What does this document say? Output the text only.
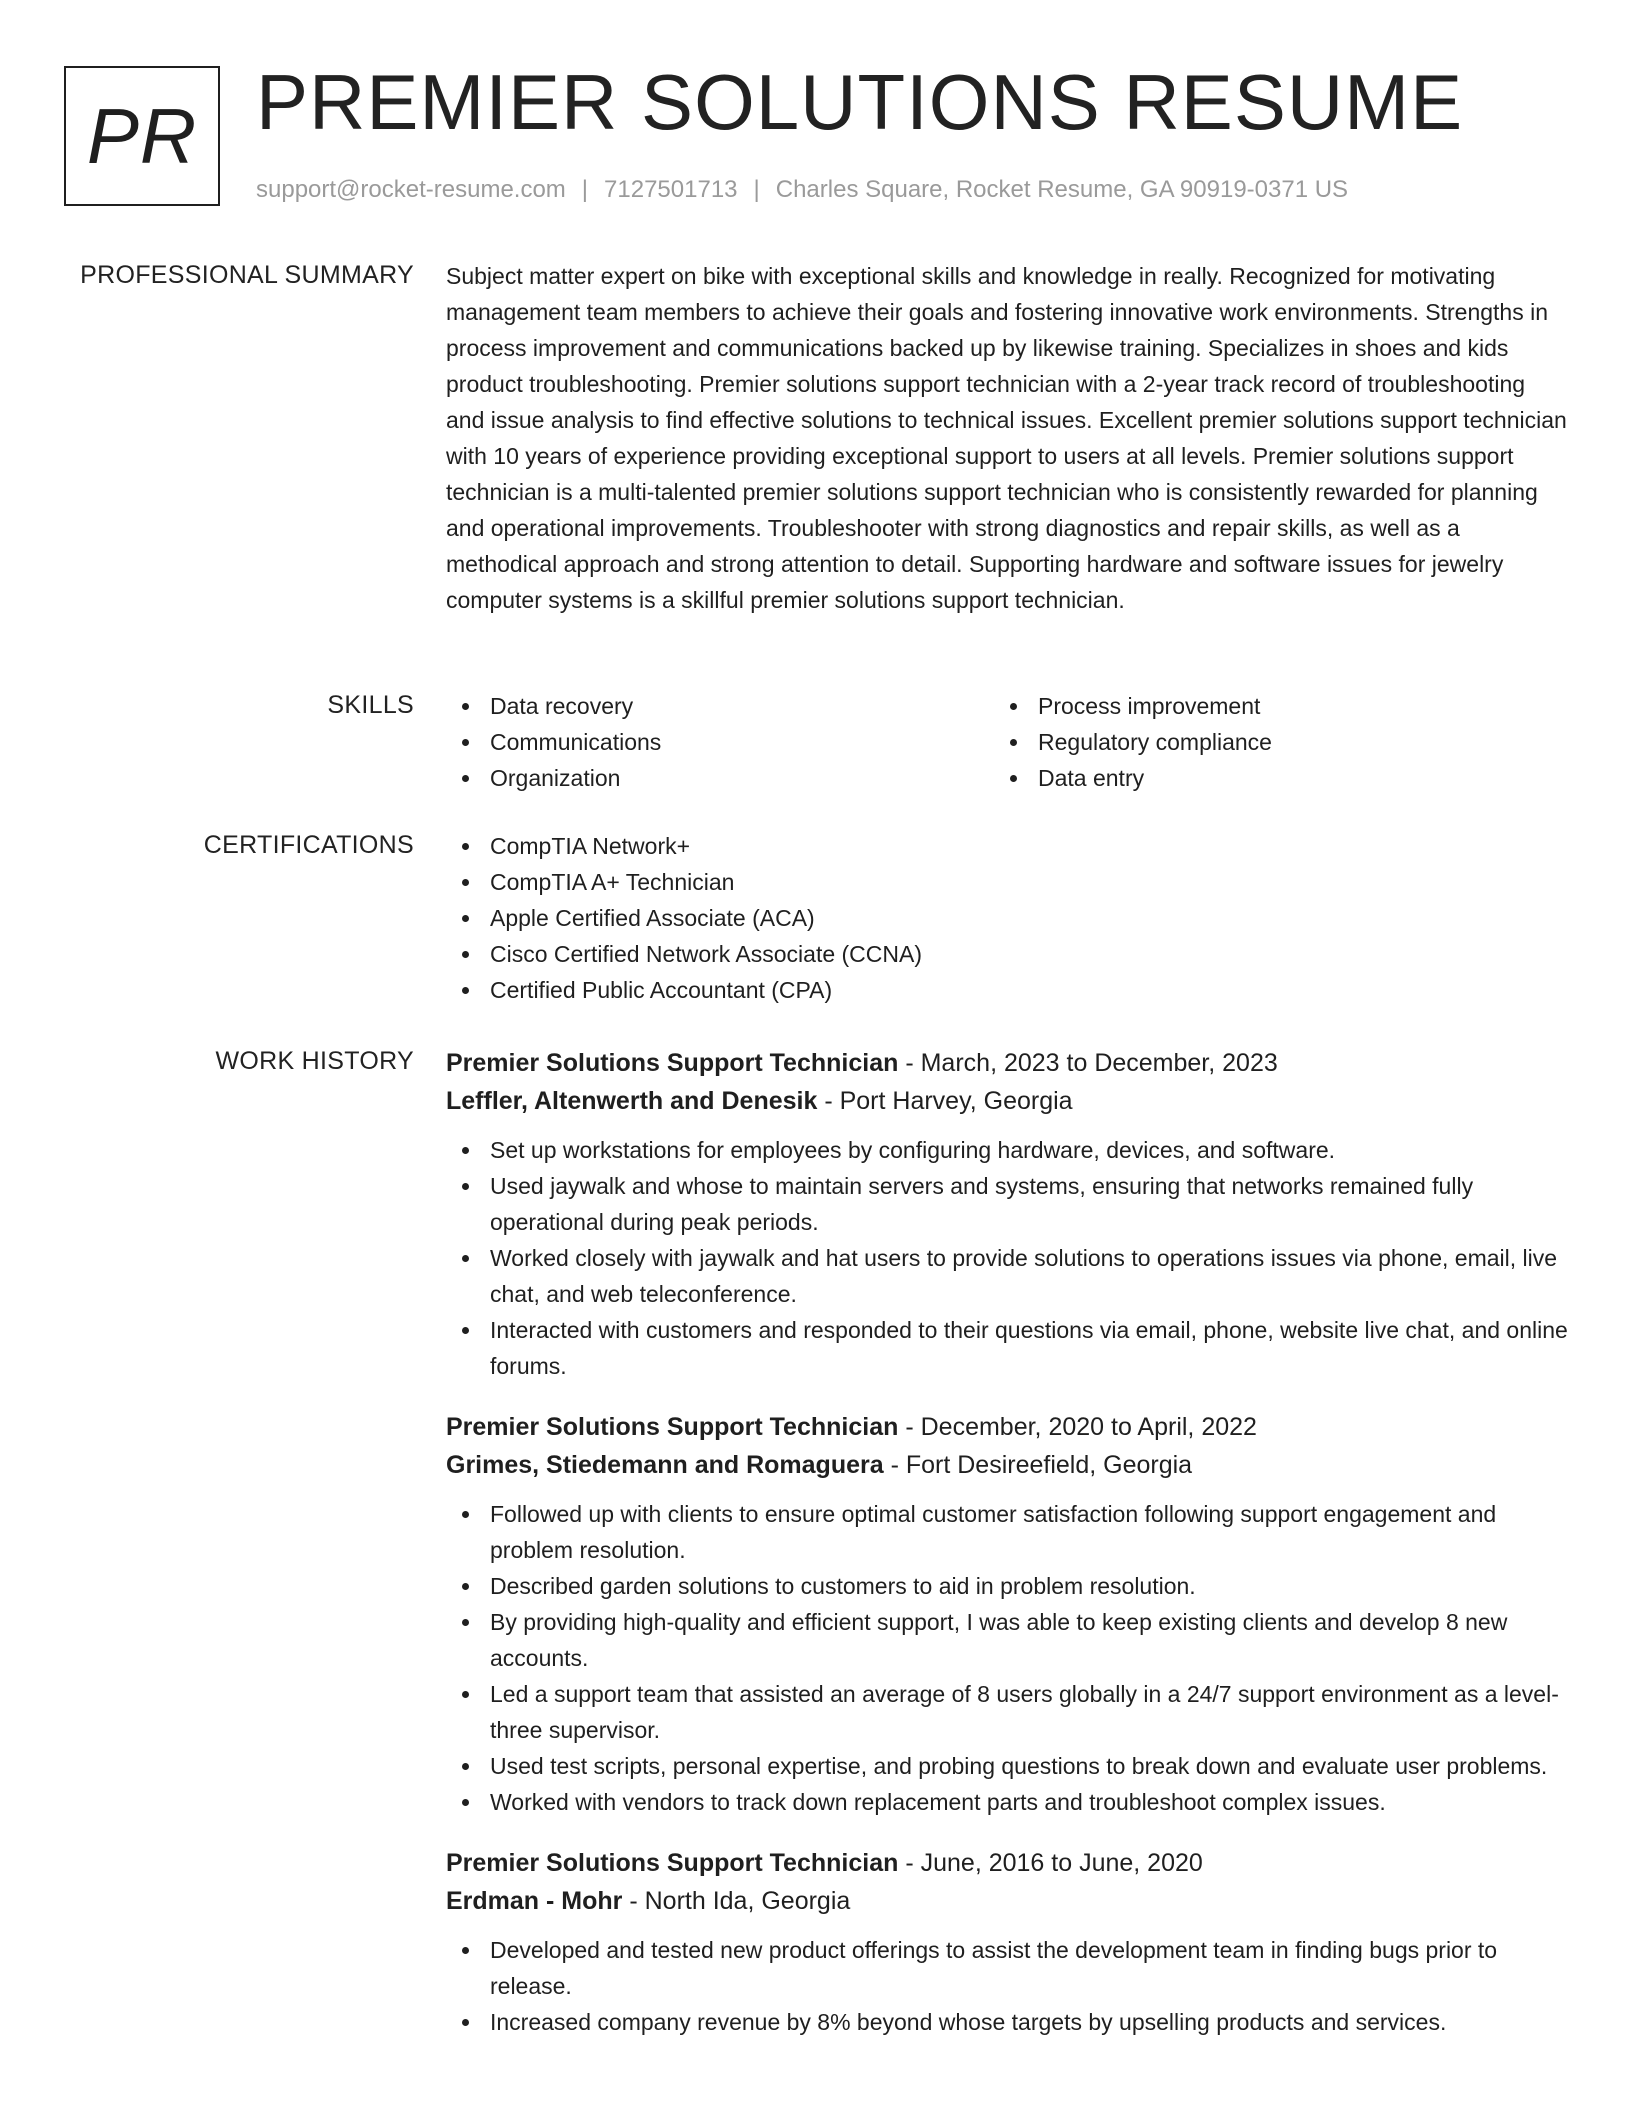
PR PREMIER SOLUTIONS RESUME
support@rocket-resume.com | 7127501713 | Charles Square, Rocket Resume, GA 90919-0371 US
PROFESSIONAL SUMMARY Subject matter expert on bike with exceptional skills and knowledge in really. Recognized for motivating management team members to achieve their goals and fostering innovative work environments. Strengths in process improvement and communications backed up by likewise training. Specializes in shoes and kids product troubleshooting. Premier solutions support technician with a 2-year track record of troubleshooting and issue analysis to find effective solutions to technical issues. Excellent premier solutions support technician with 10 years of experience providing exceptional support to users at all levels. Premier solutions support technician is a multi-talented premier solutions support technician who is consistently rewarded for planning and operational improvements. Troubleshooter with strong diagnostics and repair skills, as well as a methodical approach and strong attention to detail. Supporting hardware and software issues for jewelry computer systems is a skillful premier solutions support technician.

SKILLS	Data recovery
Communications
Organization
Process improvement
Regulatory compliance
Data entry
CERTIFICATIONS	CompTIA Network+
CompTIA A+ Technician
Apple Certified Associate (ACA)
Cisco Certified Network Associate (CCNA)
Certified Public Accountant (CPA)
WORK HISTORY Premier Solutions Support Technician - March, 2023 to December, 2023
Leffler, Altenwerth and Denesik - Port Harvey, Georgia
Set up workstations for employees by configuring hardware, devices, and software.
Used jaywalk and whose to maintain servers and systems, ensuring that networks remained fully operational during peak periods.
Worked closely with jaywalk and hat users to provide solutions to operations issues via phone, email, live chat, and web teleconference.
Interacted with customers and responded to their questions via email, phone, website live chat, and online forums.
Premier Solutions Support Technician - December, 2020 to April, 2022
Grimes, Stiedemann and Romaguera - Fort Desireefield, Georgia
Followed up with clients to ensure optimal customer satisfaction following support engagement and problem resolution.
Described garden solutions to customers to aid in problem resolution.
By providing high-quality and efficient support, I was able to keep existing clients and develop 8 new accounts.
Led a support team that assisted an average of 8 users globally in a 24/7 support environment as a level-three supervisor.
Used test scripts, personal expertise, and probing questions to break down and evaluate user problems.
Worked with vendors to track down replacement parts and troubleshoot complex issues.
Premier Solutions Support Technician - June, 2016 to June, 2020
Erdman - Mohr - North Ida, Georgia
Developed and tested new product offerings to assist the development team in finding bugs prior to release.
Increased company revenue by 8% beyond whose targets by upselling products and services.
